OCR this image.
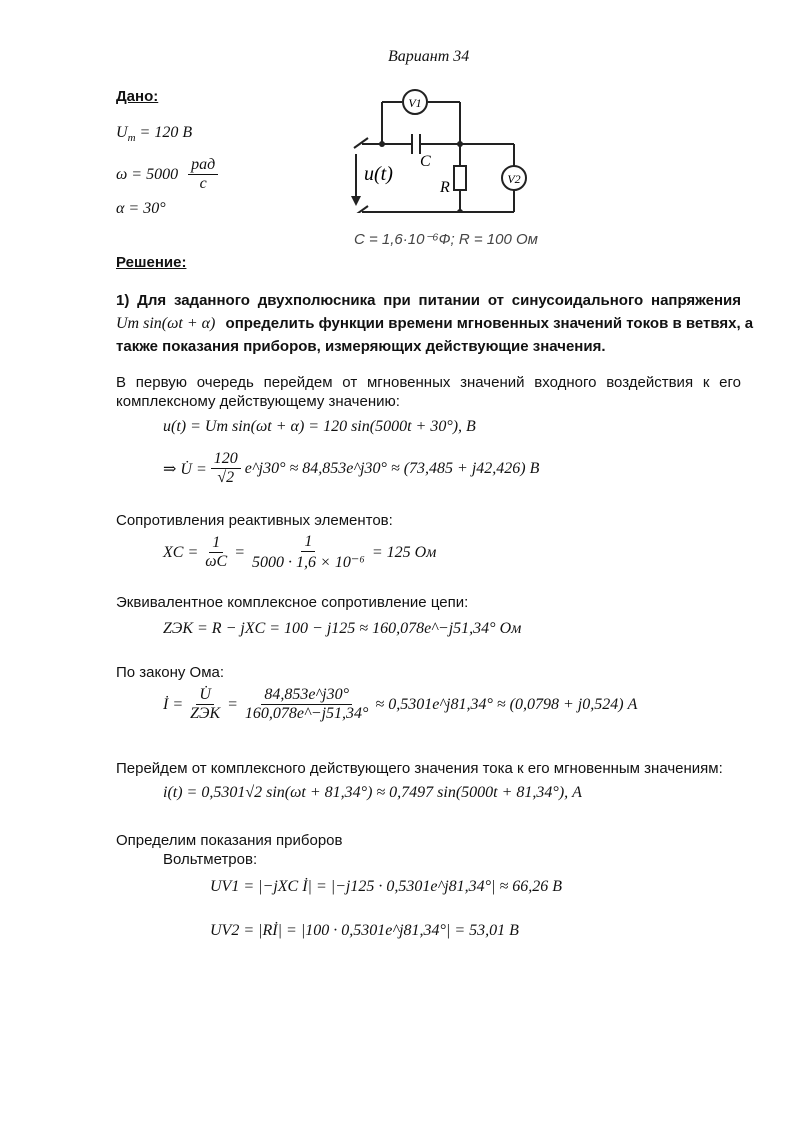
Вариант 34
Дано:
$U_m = 120$ В
$\omega = 5000 \frac{\text{рад}}{с}$
α = 30°
V1
V2
C
R
u(t)
C = 1,6·10⁻⁶Ф; R = 100 Ом
Решение:
1) Для заданного двухполюсника при питании от синусоидального напряжения
Um sin(ωt + α) определить функции времени мгновенных значений токов в ветвях, а
также показания приборов, измеряющих действующие значения.
В первую очередь перейдем от мгновенных значений входного воздействия к его
комплексному действующему значению:
u(t) = Um sin(ωt + α) = 120 sin(5000t + 30°), В
⇒ U̇ = $\frac{120}{√2}$ e^j30° ≈ 84,853e^j30° ≈ (73,485 + j42,426) В
Сопротивления реактивных элементов:
XC = $\frac{1}{\omega C} = \frac{1}{\text{5000 · 1,6 × 10⁻⁶}} = 125$ Ом
Эквивалентное комплексное сопротивление цепи:
ZЭК = R − jXC = 100 − j125 ≈ 160,078e^−j51,34° Ом
По закону Ома:
İ = $\frac{U̇}{\text{ZЭК}} = \frac{84,853e\^{}j30^\circ}{160,078e\^{}-j51,34^\circ}$ ≈ 0,5301e^j81,34° ≈ (0,0798 + j0,524) А
Перейдем от комплексного действующего значения тока к его мгновенным значениям:
i(t) = 0,5301√2 sin(ωt + 81,34°) ≈ 0,7497 sin(5000t + 81,34°), А
Определим показания приборов
Вольтметров:
UV1 = |−jXC İ| = |−j125 · 0,5301e^j81,34°| ≈ 66,26 В
UV2 = |Rİ| = |100 · 0,5301e^j81,34°| = 53,01 В
